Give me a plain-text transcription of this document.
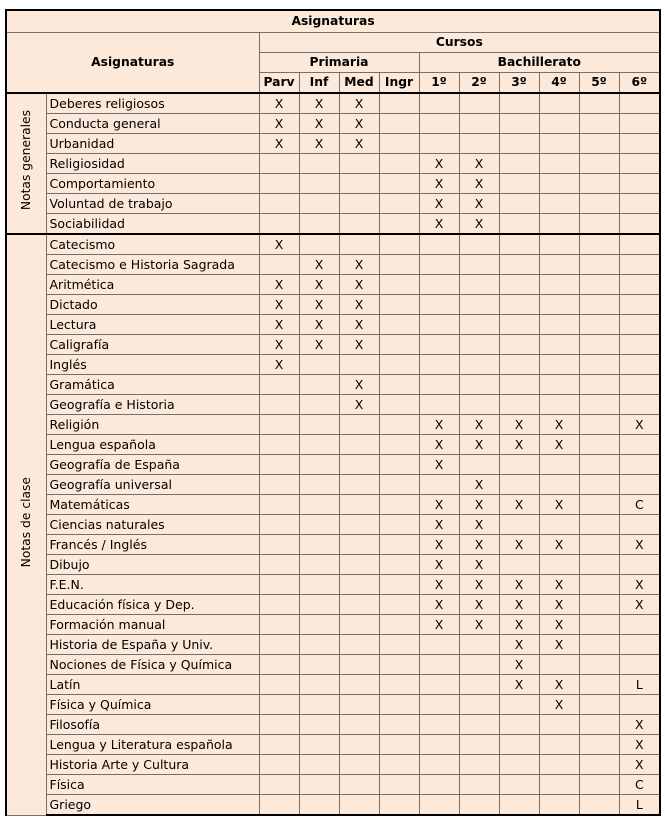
Asignaturas											
Asignaturas		Cursos									
		Primaria				Bachillerato					
		Parv	Inf	Med	Ingr	1º	2º	3º	4º	5º	6º
Notas generales	Deberes religiosos	X	X	X							
	Conducta general	X	X	X							
	Urbanidad	X	X	X							
	Religiosidad					X	X				
	Comportamiento					X	X				
	Voluntad de trabajo					X	X				
	Sociabilidad					X	X				
Notas de clase	Catecismo	X									
	Catecismo e Historia Sagrada		X	X							
	Aritmética	X	X	X							
	Dictado	X	X	X							
	Lectura	X	X	X							
	Caligrafía	X	X	X							
	Inglés	X									
	Gramática			X							
	Geografía e Historia			X							
	Religión					X	X	X	X		X
	Lengua española					X	X	X	X		
	Geografía de España					X					
	Geografía universal						X				
	Matemáticas					X	X	X	X		C
	Ciencias naturales					X	X				
	Francés / Inglés					X	X	X	X		X
	Dibujo					X	X				
	F.E.N.					X	X	X	X		X
	Educación física y Dep.					X	X	X	X		X
	Formación manual					X	X	X	X		
	Historia de España y Univ.							X	X		
	Nociones de Física y Química							X			
	Latín							X	X		L
	Física y Química								X		
	Filosofía										X
	Lengua y Literatura española										X
	Historia Arte y Cultura										X
	Física										C
	Griego										L
